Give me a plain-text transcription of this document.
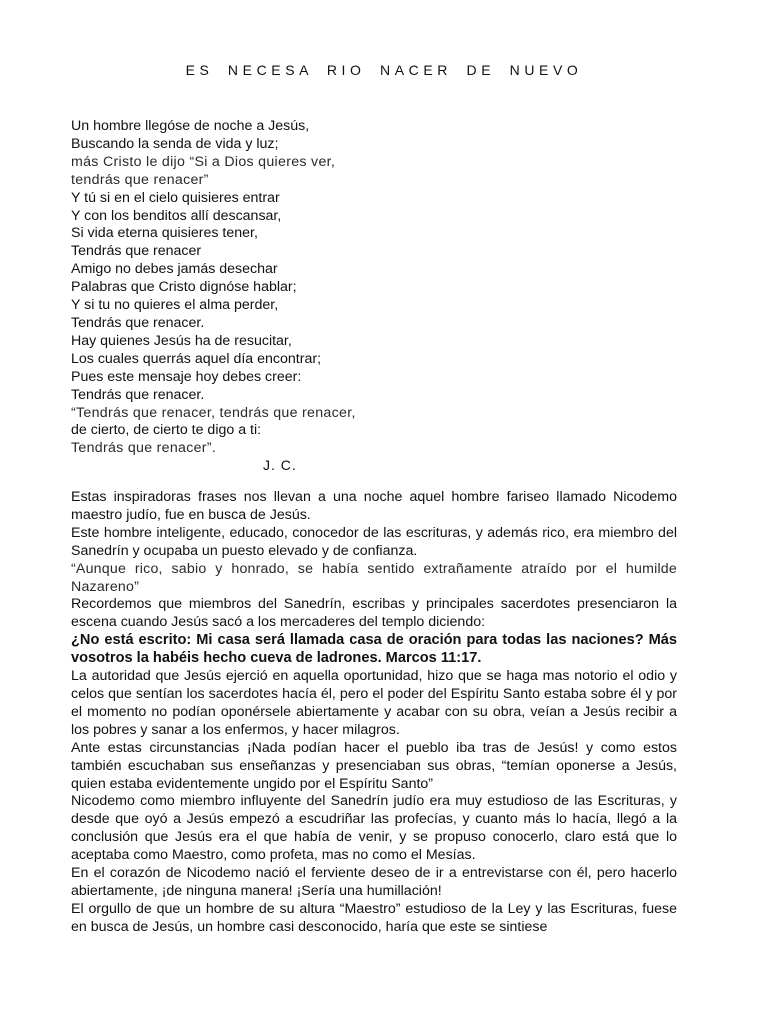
ES NECESA RIO NACER DE NUEVO
Un hombre llegóse de noche a Jesús,
Buscando la senda de vida y luz;
más Cristo le dijo “Si a Dios quieres ver,
tendrás que renacer”
Y tú si en el cielo quisieres entrar
Y con los benditos allí descansar,
Si vida eterna quisieres tener,
Tendrás que renacer
Amigo no debes jamás desechar
Palabras que Cristo dignóse hablar;
Y si tu no quieres el alma perder,
Tendrás que renacer.
Hay quienes Jesús ha de resucitar,
Los cuales querrás aquel día encontrar;
Pues este mensaje hoy debes creer:
Tendrás que renacer.
“Tendrás que renacer, tendrás que renacer,
de cierto, de cierto te digo a ti:
Tendrás que renacer”.
J. C.

Estas inspiradoras frases nos llevan a una noche aquel hombre fariseo llamado Nicodemo maestro judío, fue en busca de Jesús.

Este hombre inteligente, educado, conocedor de las escrituras, y además rico, era miembro del Sanedrín y ocupaba un puesto elevado y de confianza.

“Aunque rico, sabio y honrado, se había sentido extrañamente atraído por el humilde Nazareno”

Recordemos que miembros del Sanedrín, escribas y principales sacerdotes presenciaron la escena cuando Jesús sacó a los mercaderes del templo diciendo:

¿No está escrito: Mi casa será llamada casa de oración para todas las naciones? Más vosotros la habéis hecho cueva de ladrones. Marcos 11:17.

La autoridad que Jesús ejerció en aquella oportunidad, hizo que se haga mas notorio el odio y celos que sentían los sacerdotes hacía él, pero el poder del Espíritu Santo estaba sobre él y por el momento no podían oponérsele abiertamente y acabar con su obra, veían a Jesús recibir a los pobres y sanar a los enfermos, y hacer milagros.

Ante estas circunstancias ¡Nada podían hacer el pueblo iba tras de Jesús! y como estos también escuchaban sus enseñanzas y presenciaban sus obras, “temían oponerse a Jesús, quien estaba evidentemente ungido por el Espíritu Santo”

Nicodemo como miembro influyente del Sanedrín judío era muy estudioso de las Escrituras, y desde que oyó a Jesús empezó a escudriñar las profecías, y cuanto más lo hacía, llegó a la conclusión que Jesús era el que había de venir, y se propuso conocerlo, claro está que lo aceptaba como Maestro, como profeta, mas no como el Mesías.

En el corazón de Nicodemo nació el ferviente deseo de ir a entrevistarse con él, pero hacerlo abiertamente, ¡de ninguna manera! ¡Sería una humillación!

El orgullo de que un hombre de su altura “Maestro” estudioso de la Ley y las Escrituras, fuese en busca de Jesús, un hombre casi desconocido, haría que este se sintiese
